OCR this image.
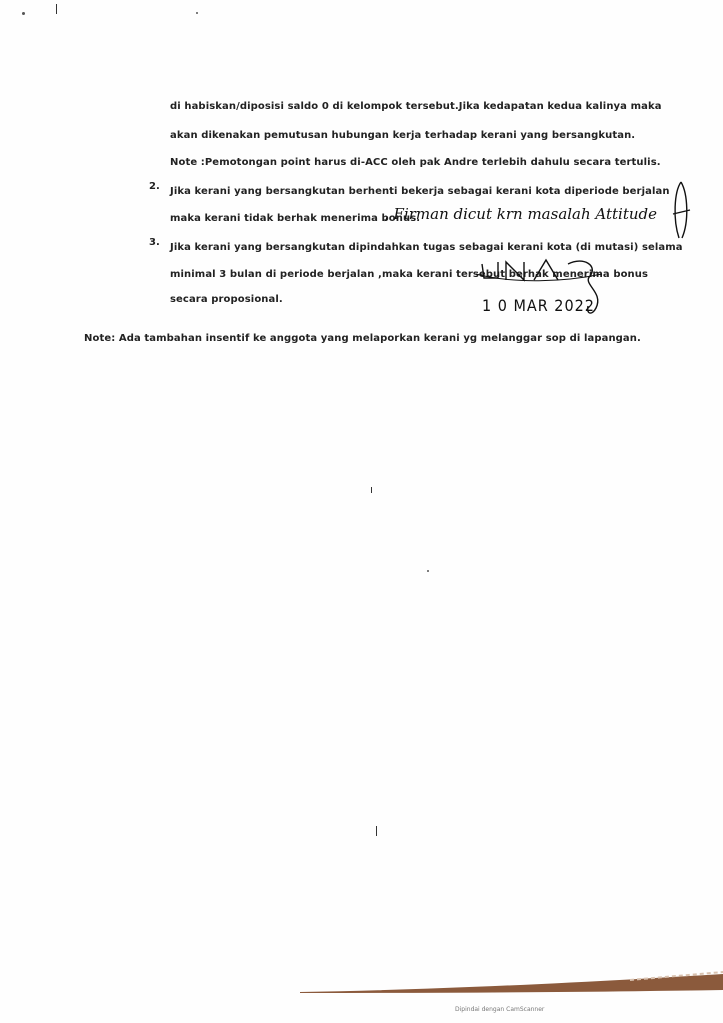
di habiskan/diposisi saldo 0 di kelompok tersebut.Jika kedapatan kedua kalinya maka
akan dikenakan pemutusan hubungan kerja terhadap kerani yang bersangkutan.
Note :Pemotongan point harus di-ACC oleh pak Andre terlebih dahulu secara tertulis.
2. Jika kerani yang bersangkutan berhenti bekerja sebagai kerani kota diperiode berjalan
maka kerani tidak berhak menerima bonus.
, Firman dicut krn masalah Attitude
3. Jika kerani yang bersangkutan dipindahkan tugas sebagai kerani kota (di mutasi) selama
minimal 3 bulan di periode berjalan ,maka kerani tersebut berhak menerima bonus
secara proposional.	1 0 MAR 2022
Note: Ada tambahan insentif ke anggota yang melaporkan kerani yg melanggar sop di lapangan.
Dipindai dengan CamScanner
